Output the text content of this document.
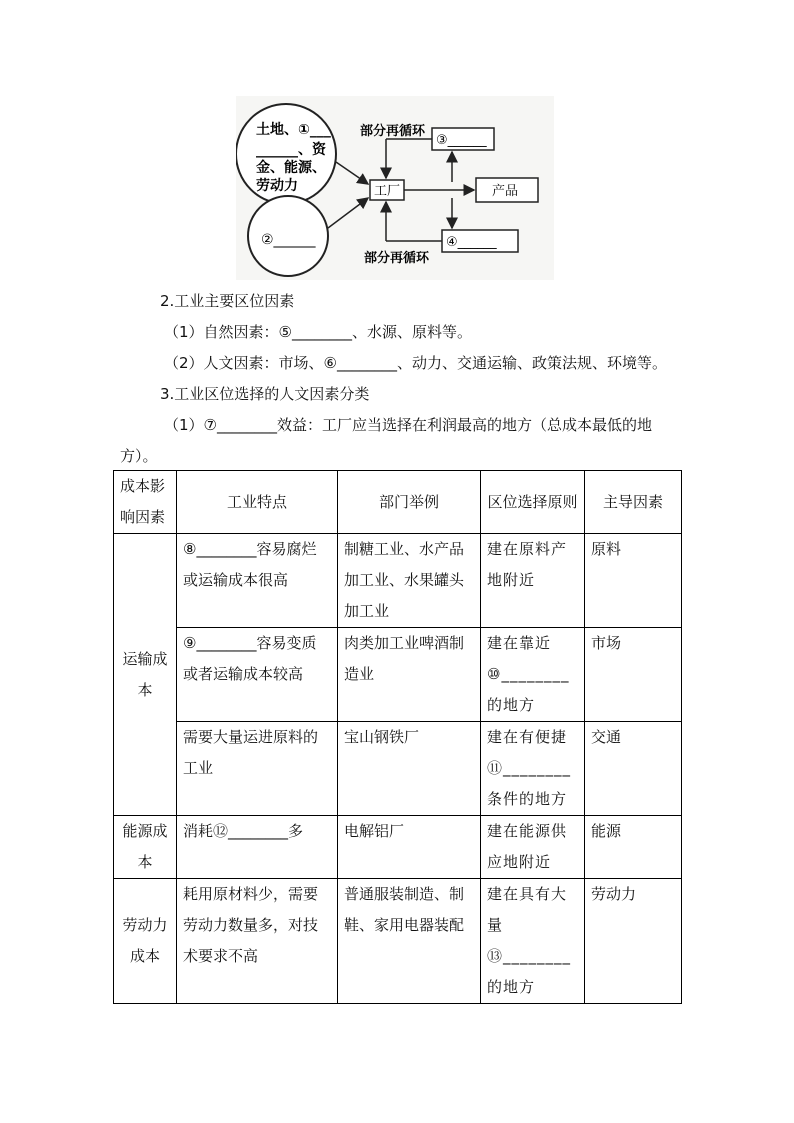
土地、①___
______、资
金、能源、
劳动力
②______
工厂	产品
③______
部分再循环
④______
部分再循环
2.工业主要区位因素
（1）自然因素：⑤________、水源、原料等。
（2）人文因素：市场、⑥________、动力、交通运输、政策法规、环境等。
3.工业区位选择的人文因素分类
（1）⑦________效益：工厂应当选择在利润最高的地方（总成本最低的地
方）。
成本影响因素	工业特点	部门举例	区位选择原则	主导因素
运输成本	⑧________容易腐烂或运输成本很高	制糖工业、水产品加工业、水果罐头加工业	建在原料产地附近	原料
	⑨________容易变质或者运输成本较高	肉类加工业啤酒制造业	建在靠近⑩________的地方	市场
	需要大量运进原料的工业	宝山钢铁厂	建在有便捷⑪________条件的地方	交通
能源成本	消耗⑫________多	电解铝厂	建在能源供应地附近	能源
劳动力成本	耗用原材料少，需要劳动力数量多，对技术要求不高	普通服装制造、制鞋、家用电器装配	建在具有大量⑬________的地方	劳动力
